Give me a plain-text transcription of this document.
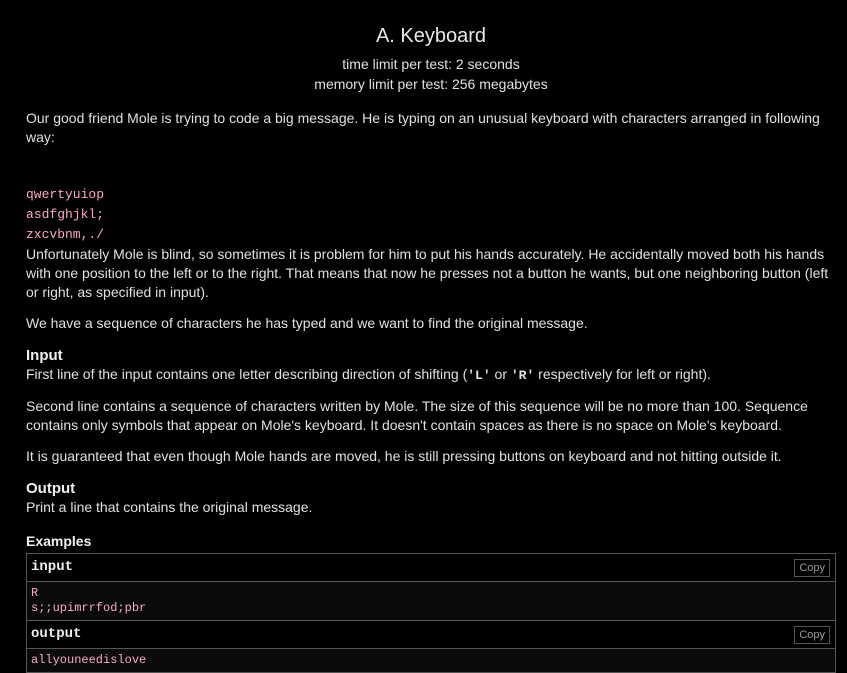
A. Keyboard
time limit per test: 2 seconds
memory limit per test: 256 megabytes

Our good friend Mole is trying to code a big message. He is typing on an unusual keyboard with characters arranged in following way:

qwertyuiop
asdfghjkl;
zxcvbnm,./

Unfortunately Mole is blind, so sometimes it is problem for him to put his hands accurately. He accidentally moved both his hands with one position to the left or to the right. That means that now he presses not a button he wants, but one neighboring button (left or right, as specified in input).

We have a sequence of characters he has typed and we want to find the original message.

Input

First line of the input contains one letter describing direction of shifting ('L' or 'R' respectively for left or right).

Second line contains a sequence of characters written by Mole. The size of this sequence will be no more than 100. Sequence contains only symbols that appear on Mole's keyboard. It doesn't contain spaces as there is no space on Mole's keyboard.

It is guaranteed that even though Mole hands are moved, he is still pressing buttons on keyboard and not hitting outside it.

Output

Print a line that contains the original message.

Examples
input	Copy
R
s;;upimrrfod;pbr
output	Copy
allyouneedislove
